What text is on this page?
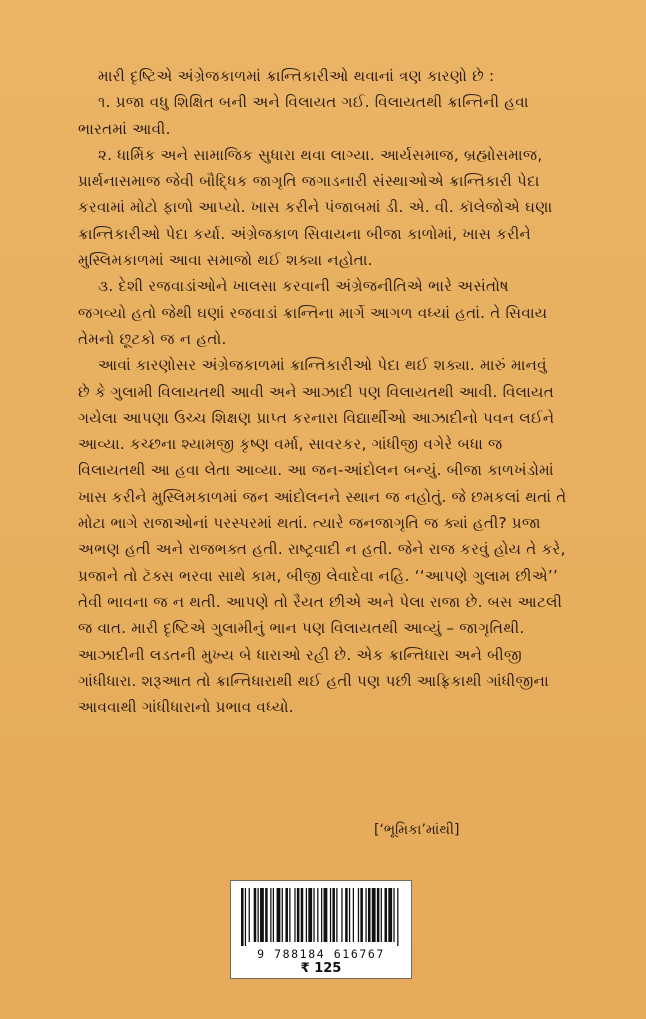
મારી દૃષ્ટિએ અંગ્રેજકાળમાં ક્રાન્તિકારીઓ થવાનાં ત્રણ કારણો છે :
૧. પ્રજા વધુ શિક્ષિત બની અને વિલાયત ગઈ. વિલાયતથી ક્રાન્તિની હવા
ભારતમાં આવી.
૨. ધાર્મિક અને સામાજિક સુધારા થવા લાગ્યા. આર્યસમાજ, બ્રહ્મોસમાજ,
પ્રાર્થનાસમાજ જેવી બૌદ્ધિક જાગૃતિ જગાડનારી સંસ્થાઓએ ક્રાન્તિકારી પેદા
કરવામાં મોટો ફાળો આપ્યો. ખાસ કરીને પંજાબમાં ડી. એ. વી. કૉલેજોએ ઘણા
ક્રાન્તિકારીઓ પેદા કર્યા. અંગ્રેજકાળ સિવાયના બીજા કાળોમાં, ખાસ કરીને
મુસ્લિમકાળમાં આવા સમાજો થઈ શક્યા નહોતા.
૩. દેશી રજવાડાંઓને ખાલસા કરવાની અંગ્રેજનીતિએ ભારે અસંતોષ
જગવ્યો હતો જેથી ઘણાં રજવાડાં ક્રાન્તિના માર્ગે આગળ વધ્યાં હતાં. તે સિવાય
તેમનો છૂટકો જ ન હતો.
આવાં કારણોસર અંગ્રેજકાળમાં ક્રાન્તિકારીઓ પેદા થઈ શક્યા. મારું માનવું
છે કે ગુલામી વિલાયતથી આવી અને આઝાદી પણ વિલાયતથી આવી. વિલાયત
ગયેલા આપણા ઉચ્ચ શિક્ષણ પ્રાપ્ત કરનારા વિદ્યાર્થીઓ આઝાદીનો પવન લઈને
આવ્યા. કચ્છના શ્યામજી કૃષ્ણ વર્મા, સાવરકર, ગાંધીજી વગેરે બધા જ
વિલાયતથી આ હવા લેતા આવ્યા. આ જન-આંદોલન બન્યું. બીજા કાળખંડોમાં
ખાસ કરીને મુસ્લિમકાળમાં જન આંદોલનને સ્થાન જ નહોતું. જે છમકલાં થતાં તે
મોટા ભાગે રાજાઓનાં પરસ્પરમાં થતાં. ત્યારે જનજાગૃતિ જ ક્યાં હતી? પ્રજા
અભણ હતી અને રાજભક્ત હતી. રાષ્ટ્રવાદી ન હતી. જેને રાજ કરવું હોય તે કરે,
પ્રજાને તો ટૅક્સ ભરવા સાથે કામ, બીજી લેવાદેવા નહિ. ‘‘આપણે ગુલામ છીએ’’
તેવી ભાવના જ ન થતી. આપણે તો રૈયત છીએ અને પેલા રાજા છે. બસ આટલી
જ વાત. મારી દૃષ્ટિએ ગુલામીનું ભાન પણ વિલાયતથી આવ્યું – જાગૃતિથી.
આઝાદીની લડતની મુખ્ય બે ધારાઓ રહી છે. એક ક્રાન્તિધારા અને બીજી
ગાંધીધારા. શરૂઆત તો ક્રાન્તિધારાથી થઈ હતી પણ પછી આફ્રિકાથી ગાંધીજીના
આવવાથી ગાંધીધારાનો પ્રભાવ વધ્યો.
[‘ભૂમિકા’માંથી]
9 788184 616767
₹ 125
